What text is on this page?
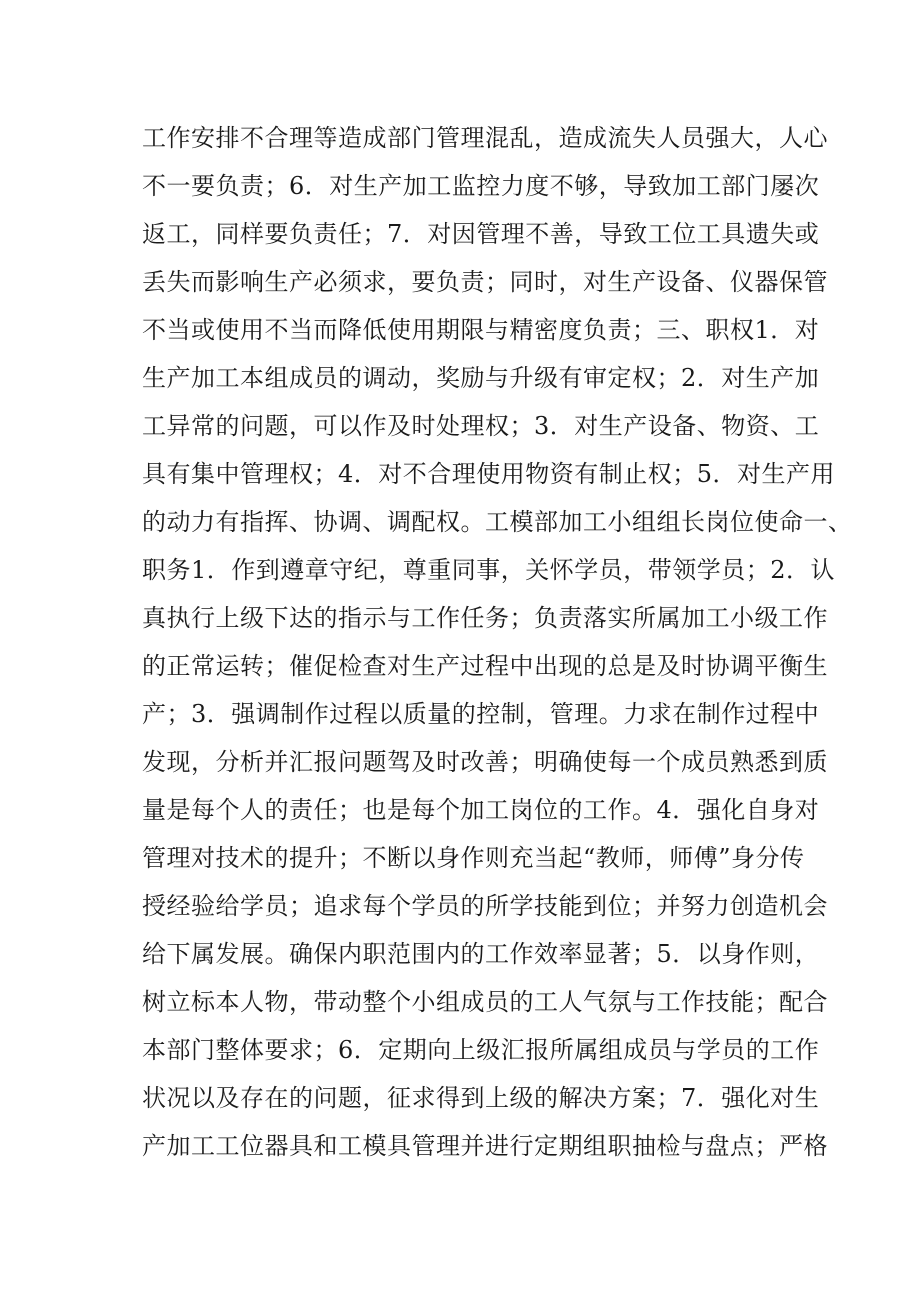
工作安排不合理等造成部门管理混乱，造成流失人员强大，人心
不一要负责；6．对生产加工监控力度不够，导致加工部门屡次
返工，同样要负责任；7．对因管理不善，导致工位工具遗失或
丢失而影响生产必须求，要负责；同时，对生产设备、仪器保管
不当或使用不当而降低使用期限与精密度负责；三、职权1．对
生产加工本组成员的调动，奖励与升级有审定权；2．对生产加
工异常的问题，可以作及时处理权；3．对生产设备、物资、工
具有集中管理权；4．对不合理使用物资有制止权；5．对生产用
的动力有指挥、协调、调配权。工模部加工小组组长岗位使命一、
职务1．作到遵章守纪，尊重同事，关怀学员，带领学员；2．认
真执行上级下达的指示与工作任务；负责落实所属加工小级工作
的正常运转；催促检查对生产过程中出现的总是及时协调平衡生
产；3．强调制作过程以质量的控制，管理。力求在制作过程中
发现，分析并汇报问题驾及时改善；明确使每一个成员熟悉到质
量是每个人的责任；也是每个加工岗位的工作。4．强化自身对
管理对技术的提升；不断以身作则充当起“教师，师傅”身分传
授经验给学员；追求每个学员的所学技能到位；并努力创造机会
给下属发展。确保内职范围内的工作效率显著；5．以身作则，
树立标本人物，带动整个小组成员的工人气氛与工作技能；配合
本部门整体要求；6．定期向上级汇报所属组成员与学员的工作
状况以及存在的问题，征求得到上级的解决方案；7．强化对生
产加工工位器具和工模具管理并进行定期组职抽检与盘点；严格
